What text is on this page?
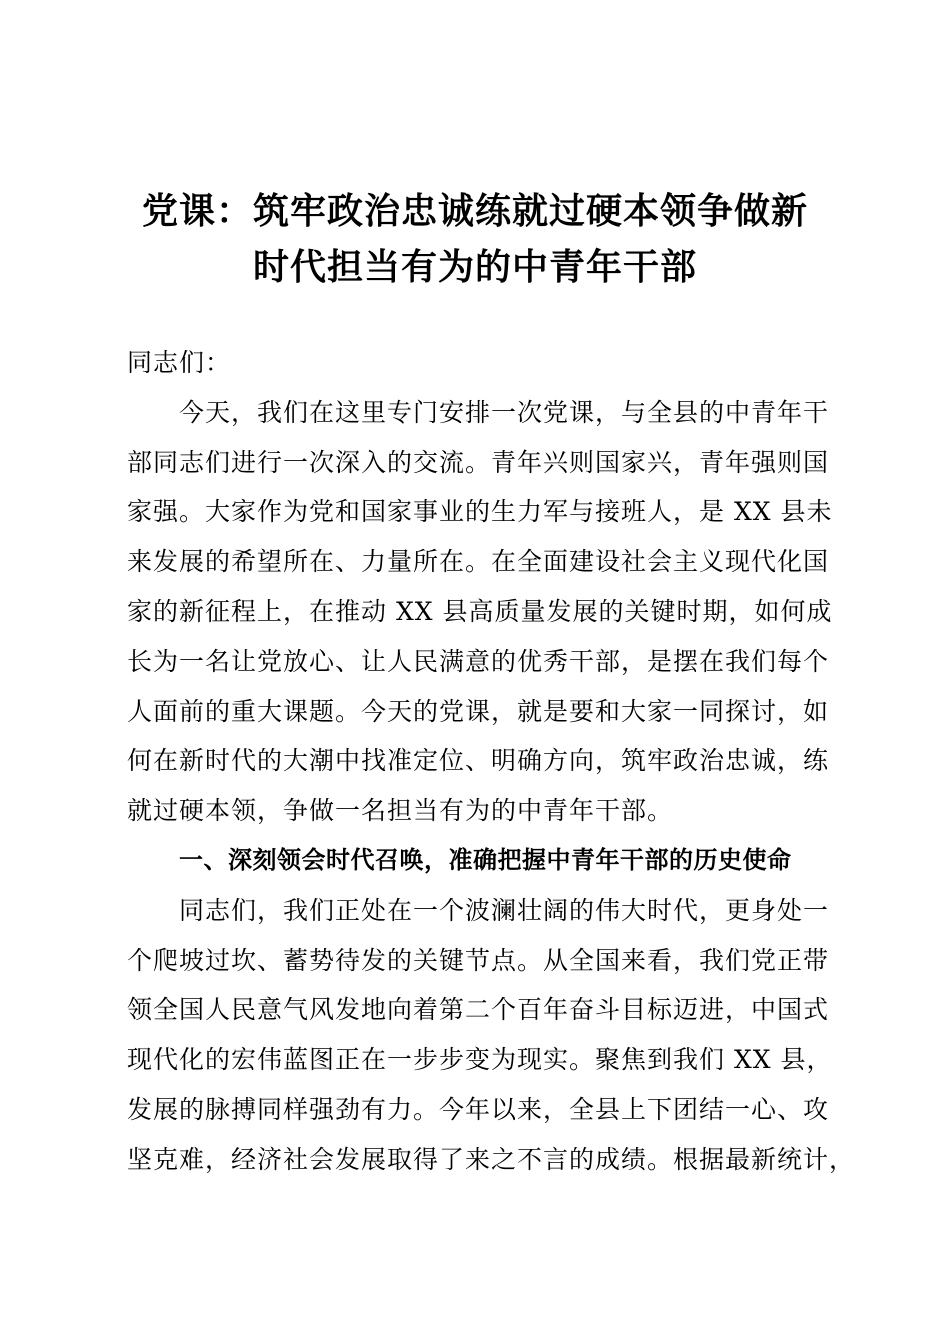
党课：筑牢政治忠诚练就过硬本领争做新
时代担当有为的中青年干部
同志们：
今天，我们在这里专门安排一次党课，与全县的中青年干
部同志们进行一次深入的交流。青年兴则国家兴，青年强则国
家强。大家作为党和国家事业的生力军与接班人，是 XX 县未
来发展的希望所在、力量所在。在全面建设社会主义现代化国
家的新征程上，在推动 XX 县高质量发展的关键时期，如何成
长为一名让党放心、让人民满意的优秀干部，是摆在我们每个
人面前的重大课题。今天的党课，就是要和大家一同探讨，如
何在新时代的大潮中找准定位、明确方向，筑牢政治忠诚，练
就过硬本领，争做一名担当有为的中青年干部。
一、深刻领会时代召唤，准确把握中青年干部的历史使命
同志们，我们正处在一个波澜壮阔的伟大时代，更身处一
个爬坡过坎、蓄势待发的关键节点。从全国来看，我们党正带
领全国人民意气风发地向着第二个百年奋斗目标迈进，中国式
现代化的宏伟蓝图正在一步步变为现实。聚焦到我们 XX 县，
发展的脉搏同样强劲有力。今年以来，全县上下团结一心、攻
坚克难，经济社会发展取得了来之不言的成绩。根据最新统计，
